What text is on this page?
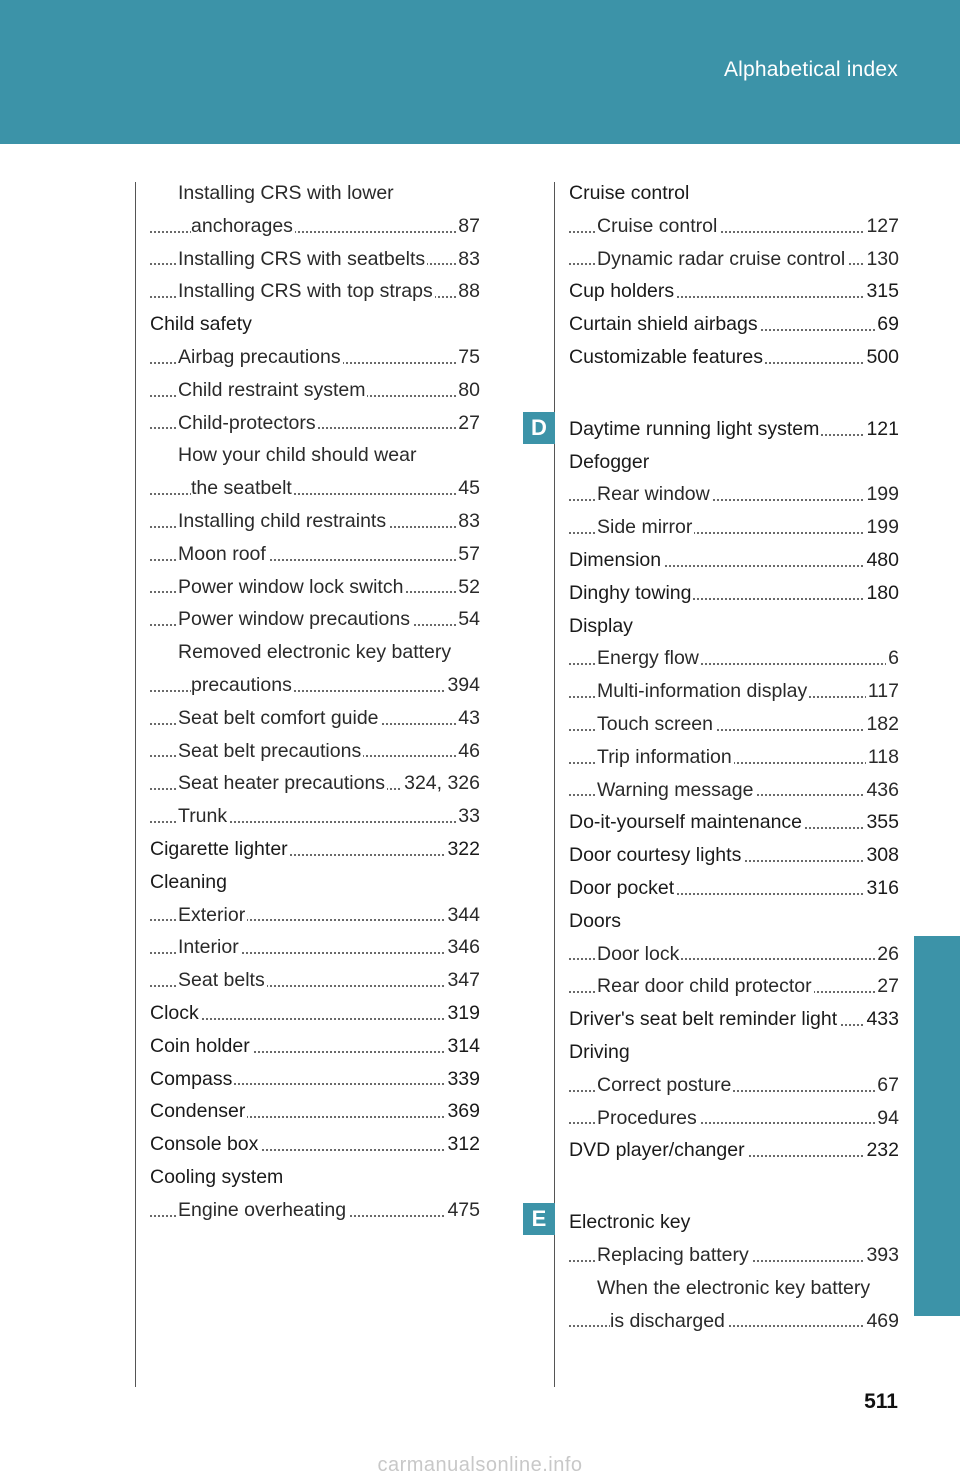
Alphabetical index
Installing CRS with lower
anchorages	87
Installing CRS with seatbelts 83
Installing CRS with top straps 88
Child safety
Airbag precautions	75
Child restraint system	80
Child-protectors	27
How your child should wear
the seatbelt	45
Installing child restraints	83
Moon roof	57
Power window lock switch	52
Power window precautions 54
Removed electronic key battery
precautions	394
Seat belt comfort guide	43
Seat belt precautions	46
Seat heater precautions 324, 326
Trunk	33
Cigarette lighter	322
Cleaning
Exterior	344
Interior	346
Seat belts	347
Clock	319
Coin holder	314
Compass	339
Condenser	369
Console box	312
Cooling system
Engine overheating	475
Cruise control
Cruise control	127
Dynamic radar cruise control 130
Cup holders	315
Curtain shield airbags	69
Customizable features	500
Daytime running light system 121
Defogger
Rear window	199
Side mirror	199
Dimension	480
Dinghy towing	180
Display
Energy flow	6
Multi-information display	117
Touch screen	182
Trip information	118
Warning message	436
Do-it-yourself maintenance	355
Door courtesy lights	308
Door pocket	316
Doors
Door lock	26
Rear door child protector	27
Driver's seat belt reminder light 433
Driving
Correct posture	67
Procedures	94
DVD player/changer	232
Electronic key
Replacing battery	393
When the electronic key battery
is discharged	469
D
E
511
carmanualsonline.info
